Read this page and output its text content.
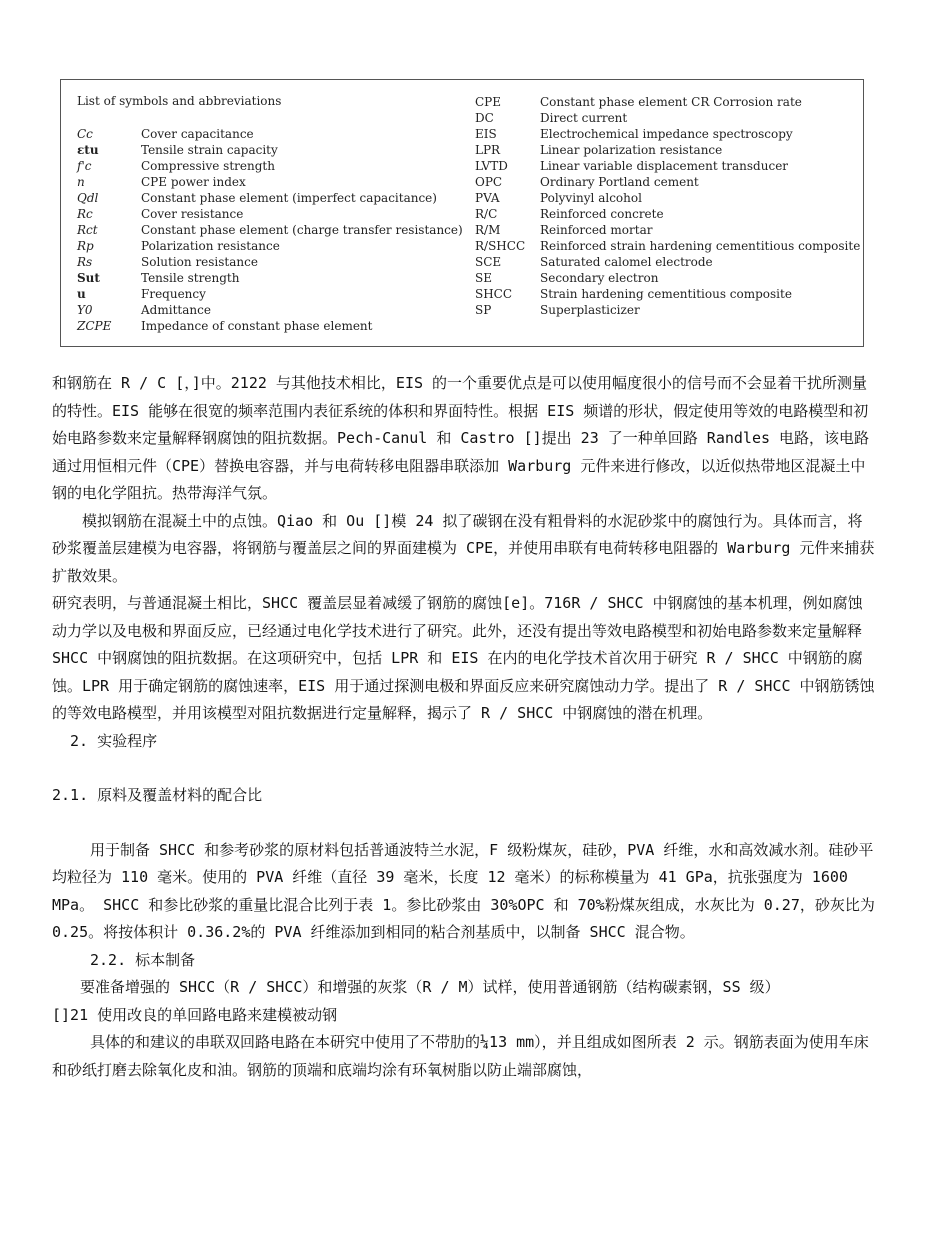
List of symbols and abbreviations
Cc	Cover capacitance
εtu	Tensile strain capacity
f'c	Compressive strength
n	CPE power index
Qdl	Constant phase element (imperfect capacitance)
Rc	Cover resistance
Rct	Constant phase element (charge transfer resistance)
Rp	Polarization resistance
Rs	Solution resistance
Sut	Tensile strength
u	Frequency
Y0	Admittance
ZCPE Impedance of constant phase element
CPE	Constant phase element CR Corrosion rate
DC	Direct current
EIS	Electrochemical impedance spectroscopy
LPR	Linear polarization resistance
LVTD	Linear variable displacement transducer
OPC	Ordinary Portland cement
PVA	Polyvinyl alcohol
R/C	Reinforced concrete
R/M	Reinforced mortar
R/SHCC Reinforced strain hardening cementitious composite
SCE	Saturated calomel electrode
SE	Secondary electron
SHCC Strain hardening cementitious composite
SP	Superplasticizer

和钢筋在 R / C [，]中。2122 与其他技术相比，EIS 的一个重要优点是可以使用幅度很小的信号而不会显着干扰所测量的特性。EIS 能够在很宽的频率范围内表征系统的体积和界面特性。根据 EIS 频谱的形状，假定使用等效的电路模型和初始电路参数来定量解释钢腐蚀的阻抗数据。Pech-Canul 和 Castro []提出 23 了一种单回路 Randles 电路，该电路通过用恒相元件（CPE）替换电容器，并与电荷转移电阻器串联添加 Warburg 元件来进行修改，以近似热带地区混凝土中钢的电化学阻抗。热带海洋气氛。

模拟钢筋在混凝土中的点蚀。Qiao 和 Ou []模 24 拟了碳钢在没有粗骨料的水泥砂浆中的腐蚀行为。具体而言，将砂浆覆盖层建模为电容器，将钢筋与覆盖层之间的界面建模为 CPE，并使用串联有电荷转移电阻器的 Warburg 元件来捕获扩散效果。

研究表明，与普通混凝土相比，SHCC 覆盖层显着减缓了钢筋的腐蚀[e]。716R / SHCC 中钢腐蚀的基本机理，例如腐蚀动力学以及电极和界面反应，已经通过电化学技术进行了研究。此外，还没有提出等效电路模型和初始电路参数来定量解释 SHCC 中钢腐蚀的阻抗数据。在这项研究中，包括 LPR 和 EIS 在内的电化学技术首次用于研究 R / SHCC 中钢筋的腐蚀。LPR 用于确定钢筋的腐蚀速率，EIS 用于通过探测电极和界面反应来研究腐蚀动力学。提出了 R / SHCC 中钢筋锈蚀的等效电路模型，并用该模型对阻抗数据进行定量解释，揭示了 R / SHCC 中钢腐蚀的潜在机理。

2. 实验程序

2.1. 原料及覆盖材料的配合比

用于制备 SHCC 和参考砂浆的原材料包括普通波特兰水泥，F 级粉煤灰，硅砂，PVA 纤维，水和高效减水剂。硅砂平均粒径为 110 毫米。使用的 PVA 纤维（直径 39 毫米，长度 12 毫米）的标称模量为 41 GPa，抗张强度为 1600 MPa。 SHCC 和参比砂浆的重量比混合比列于表 1。参比砂浆由 30%OPC 和 70%粉煤灰组成，水灰比为 0.27，砂灰比为 0.25。将按体积计 0.36.2%的 PVA 纤维添加到相同的粘合剂基质中，以制备 SHCC 混合物。

2.2. 标本制备

要准备增强的 SHCC（R / SHCC）和增强的灰浆（R / M）试样，使用普通钢筋（结构碳素钢，SS 级）

[]21 使用改良的单回路电路来建模被动钢

具体的和建议的串联双回路电路在本研究中使用了不带肋的¼13 mm），并且组成如图所表 2 示。钢筋表面为使用车床和砂纸打磨去除氧化皮和油。钢筋的顶端和底端均涂有环氧树脂以防止端部腐蚀，
